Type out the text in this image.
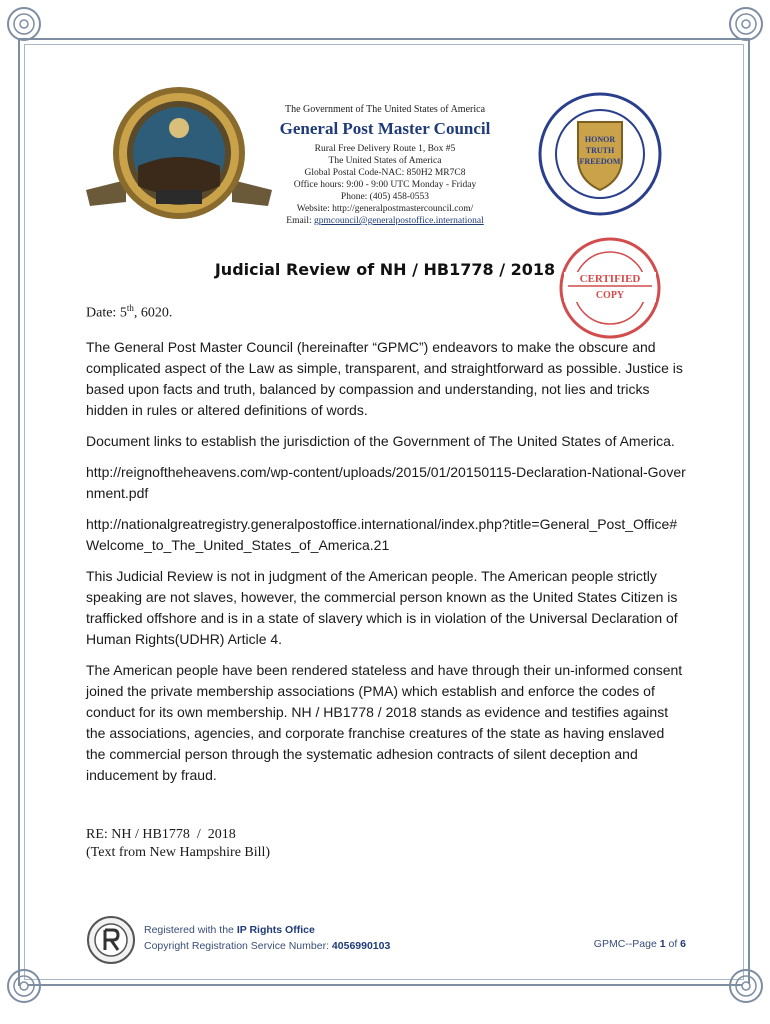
The Government of The United States of America
General Post Master Council
Rural Free Delivery Route 1, Box #5
The United States of America
Global Postal Code-NAC: 850H2 MR7C8
Office hours: 9:00 - 9:00 UTC Monday - Friday
Phone: (405) 458-0553
Website: http://generalpostmastercouncil.com/
Email: gpmcouncil@generalpostoffice.international
HONOR
TRUTH
FREEDOM
CERTIFIED
COPY
Judicial Review of NH / HB1778 / 2018
Date: 5th, 6020.

The General Post Master Council (hereinafter “GPMC”) endeavors to make the obscure and complicated aspect of the Law as simple, transparent, and straightforward as possible. Justice is based upon facts and truth, balanced by compassion and understanding, not lies and tricks hidden in rules or altered definitions of words.

Document links to establish the jurisdiction of the Government of The United States of America.

http://reignoftheheavens.com/wp-content/uploads/2015/01/20150115-Declaration-National-Government.pdf

http://nationalgreatregistry.generalpostoffice.international/index.php?title=General_Post_Office#Welcome_to_The_United_States_of_America.21

This Judicial Review is not in judgment of the American people. The American people strictly speaking are not slaves, however, the commercial person known as the United States Citizen is trafficked offshore and is in a state of slavery which is in violation of the Universal Declaration of Human Rights(UDHR) Article 4.

The American people have been rendered stateless and have through their un-informed consent joined the private membership associations (PMA) which establish and enforce the codes of conduct for its own membership. NH / HB1778 / 2018 stands as evidence and testifies against the associations, agencies, and corporate franchise creatures of the state as having enslaved the commercial person through the systematic adhesion contracts of silent deception and inducement by fraud.

RE: NH / HB1778  /  2018
(Text from New Hampshire Bill)
Registered with the IP Rights Office
Copyright Registration Service Number: 4056990103	GPMC--Page 1 of 6
